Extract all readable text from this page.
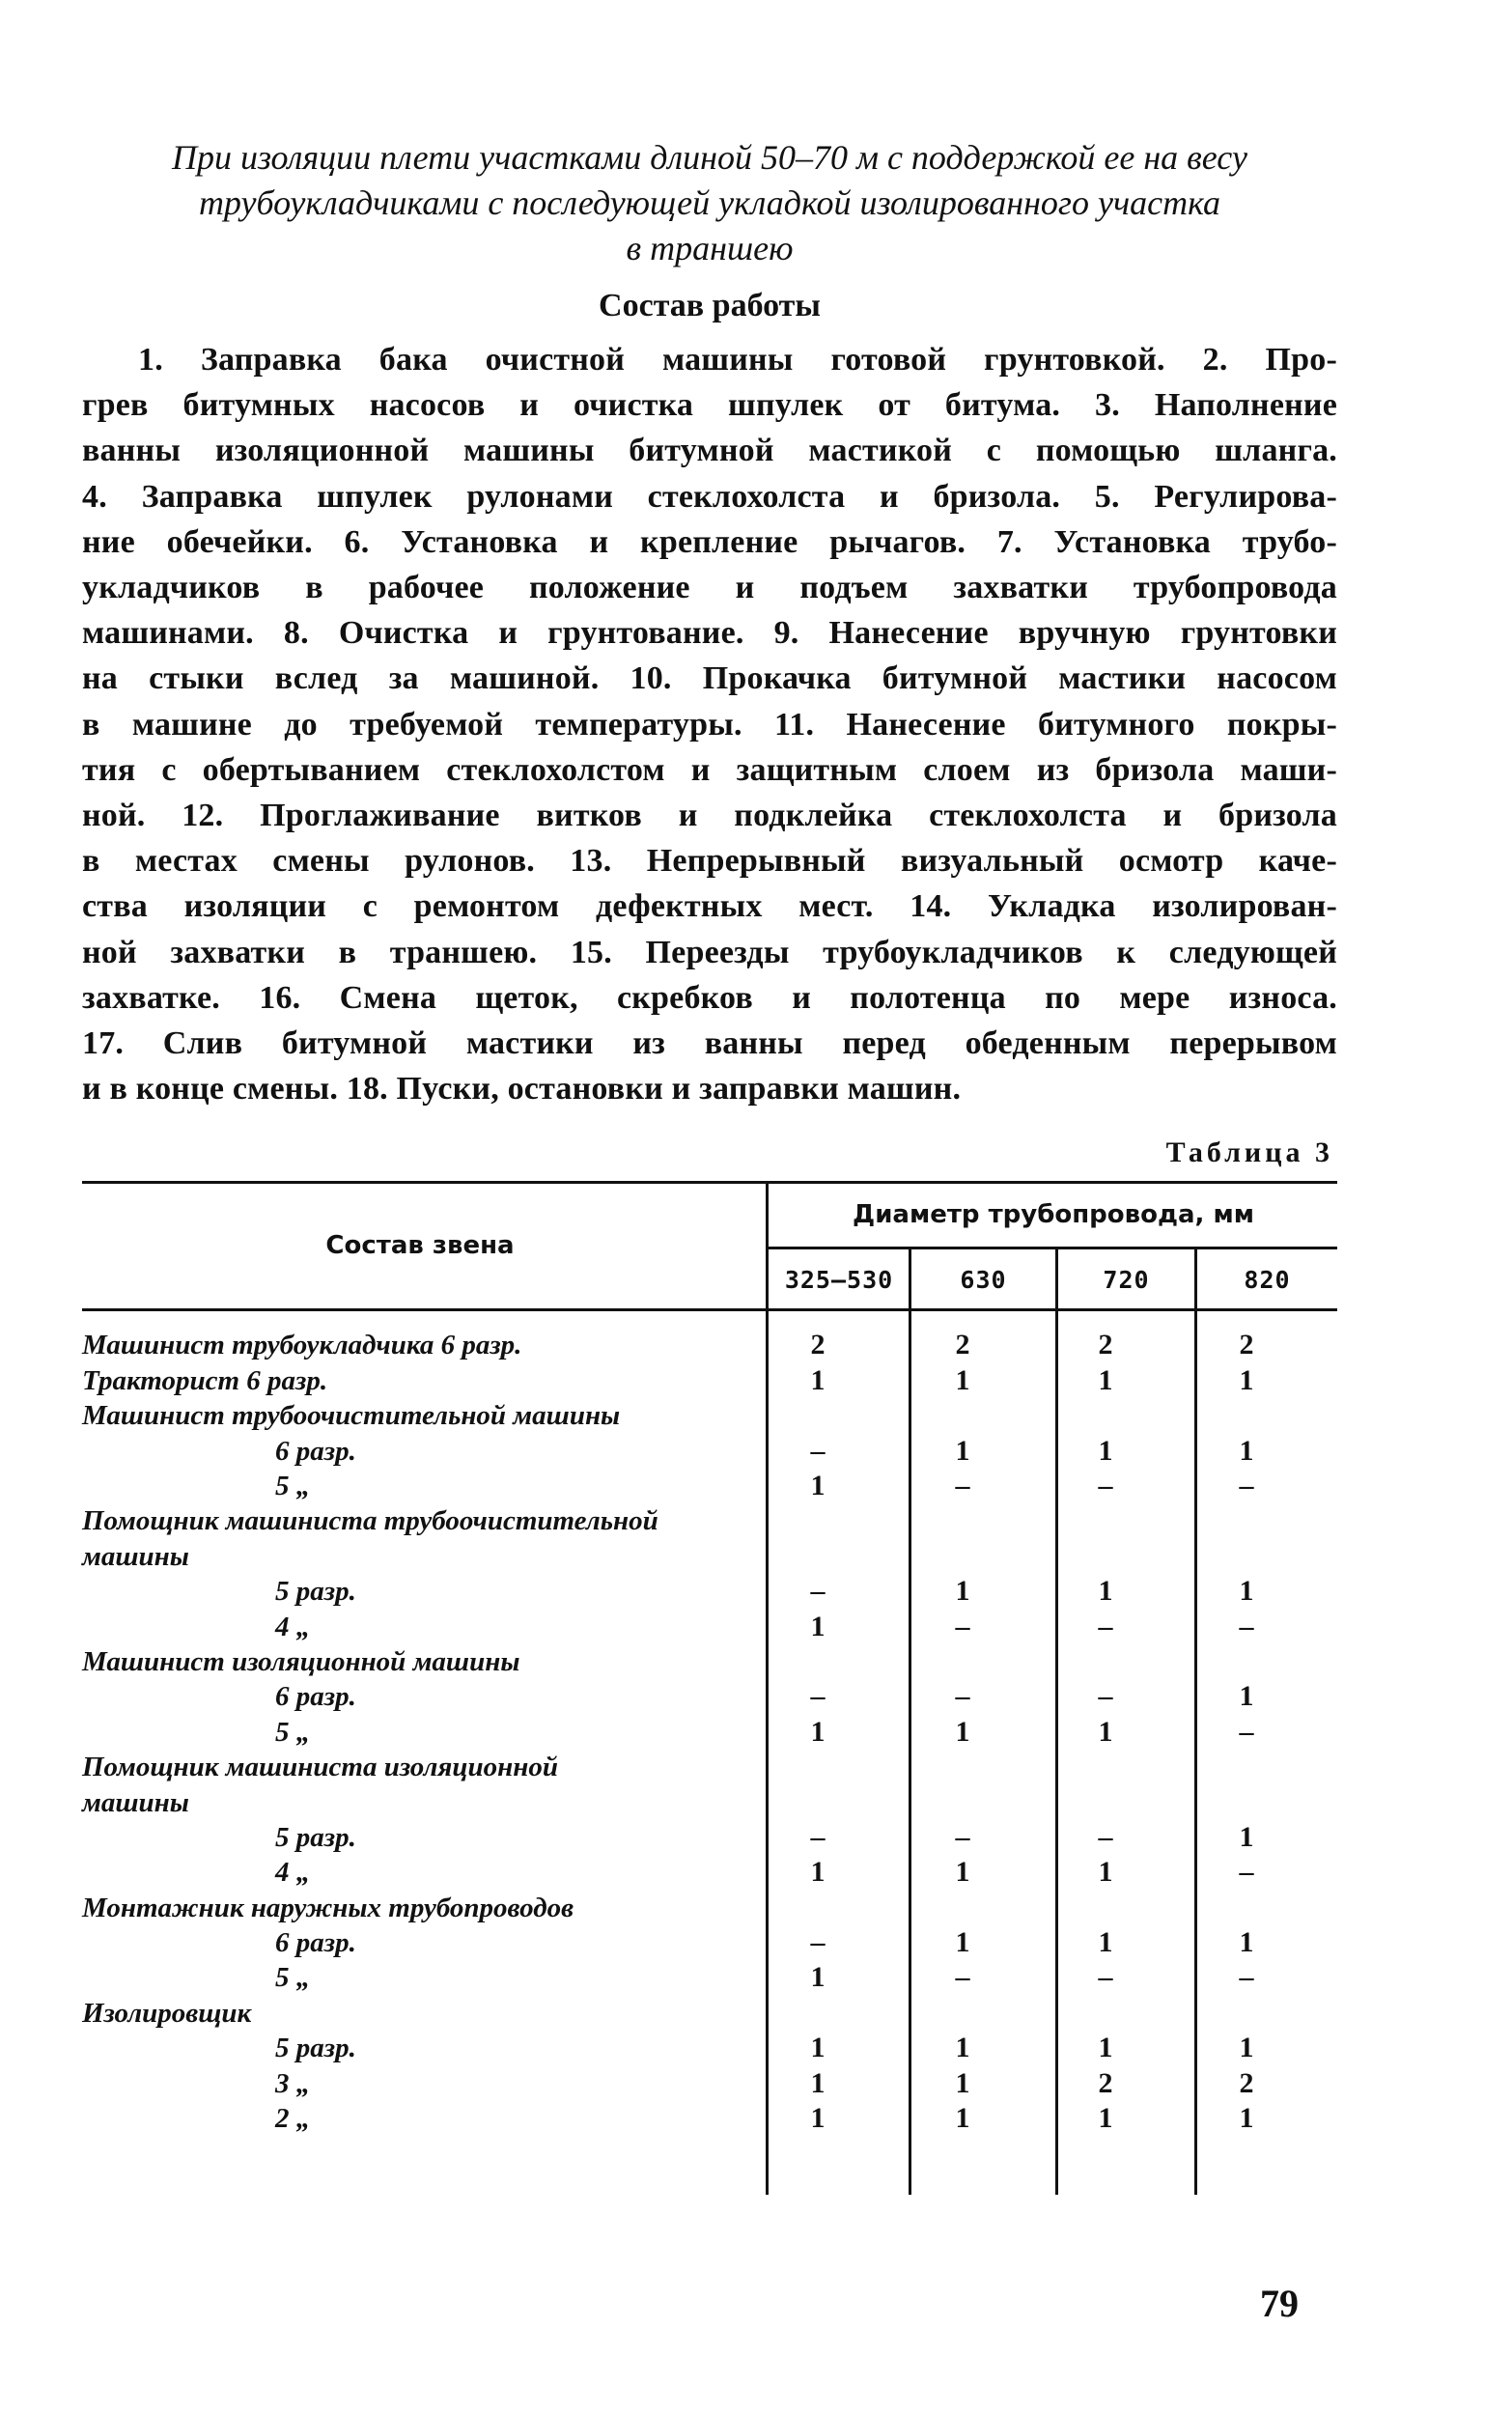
При изоляции плети участками длиной 50–70 м с поддержкой ее на весу
трубоукладчиками с последующей укладкой изолированного участка
в траншею

Состав работы
1. Заправка бака очистной машины готовой грунтовкой. 2. Про-
грев битумных насосов и очистка шпулек от битума. 3. Наполнение
ванны изоляционной машины битумной мастикой с помощью шланга.
4. Заправка шпулек рулонами стеклохолста и бризола. 5. Регулирова-
ние обечейки. 6. Установка и крепление рычагов. 7. Установка трубо-
укладчиков в рабочее положение и подъем захватки трубопровода
машинами. 8. Очистка и грунтование. 9. Нанесение вручную грунтовки
на стыки вслед за машиной. 10. Прокачка битумной мастики насосом
в машине до требуемой температуры. 11. Нанесение битумного покры-
тия с обертыванием стеклохолстом и защитным слоем из бризола маши-
ной. 12. Проглаживание витков и подклейка стеклохолста и бризола
в местах смены рулонов. 13. Непрерывный визуальный осмотр каче-
ства изоляции с ремонтом дефектных мест. 14. Укладка изолирован-
ной захватки в траншею. 15. Переезды трубоукладчиков к следующей
захватке. 16. Смена щеток, скребков и полотенца по мере износа.
17. Слив битумной мастики из ванны перед обеденным перерывом
и в конце смены. 18. Пуски, остановки и заправки машин.
Таблица 3
Состав звена
Диаметр трубопровода, мм
325–530	630	720	820
Машинист трубоукладчика 6 разр.	2	2	2	2
Тракторист 6 разр.	1	1	1	1
Машинист трубоочистительной машины
6 разр.	–	1	1	1
5 „	1	–	–	–
Помощник машиниста трубоочистительной
машины
5 разр.	–	1	1	1
4 „	1	–	–	–
Машинист изоляционной машины
6 разр.	–	–	–	1
5 „	1	1	1	–
Помощник машиниста изоляционной
машины
5 разр.	–	–	–	1
4 „	1	1	1	–
Монтажник наружных трубопроводов
6 разр.	–	1	1	1
5 „	1	–	–	–
Изолировщик
5 разр.	1	1	1	1
3 „	1	1	2	2
2 „	1	1	1	1
79
